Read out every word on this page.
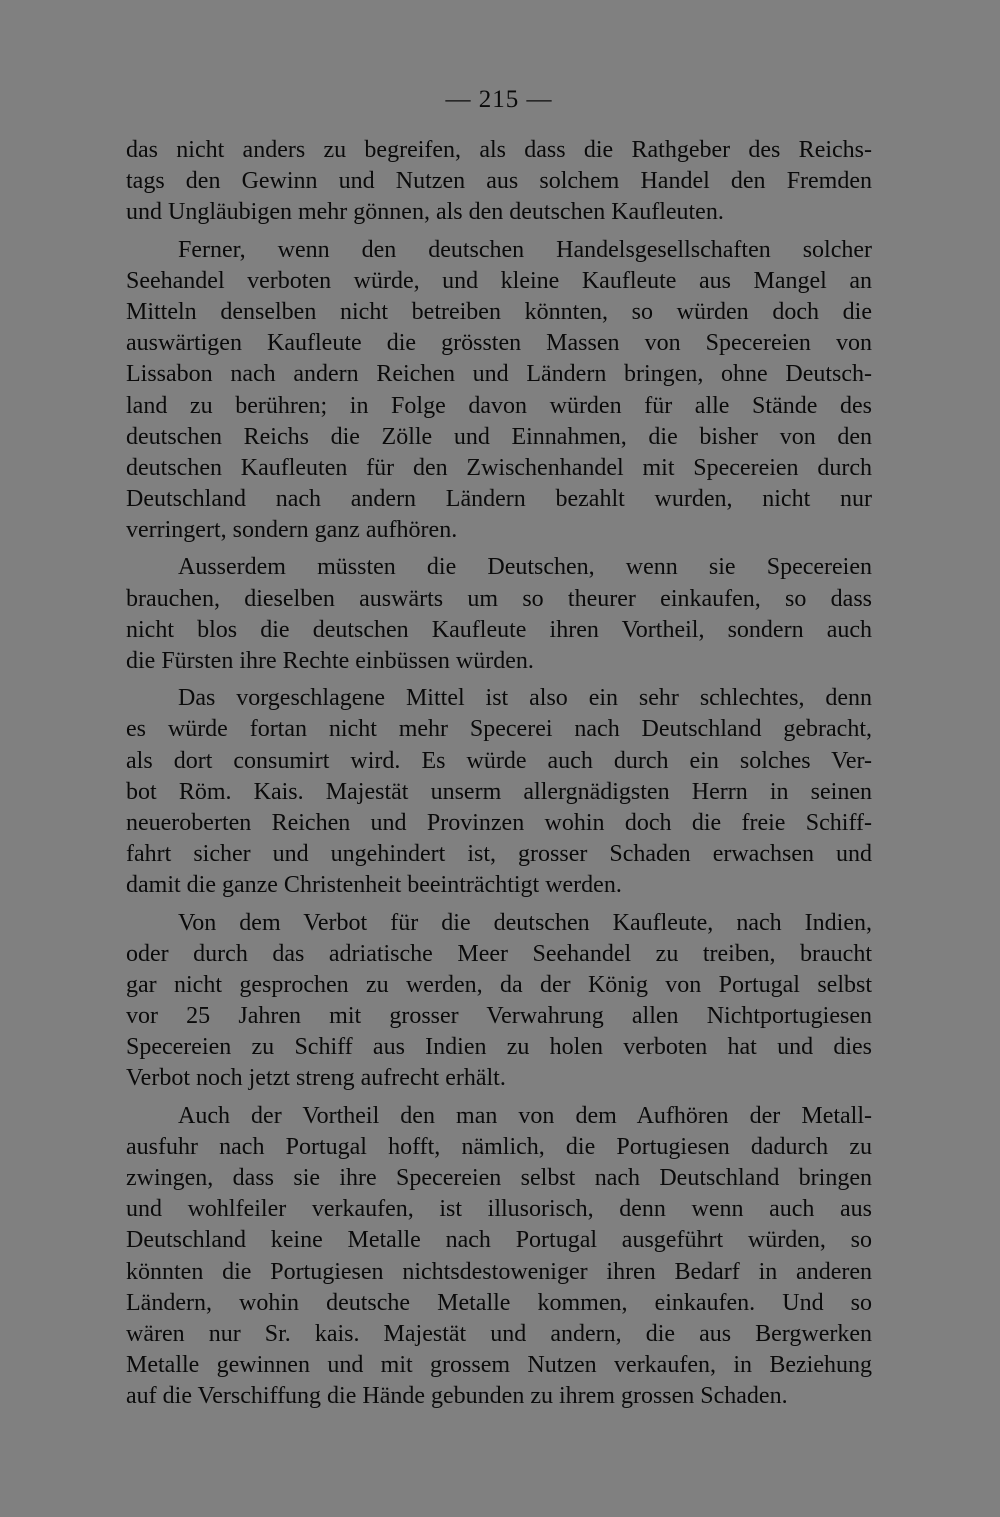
— 215 —
das nicht anders zu begreifen, als dass die Rathgeber des Reichs-
tags den Gewinn und Nutzen aus solchem Handel den Fremden
und Ungläubigen mehr gönnen, als den deutschen Kaufleuten.
Ferner, wenn den deutschen Handelsgesellschaften solcher
Seehandel verboten würde, und kleine Kaufleute aus Mangel an
Mitteln denselben nicht betreiben könnten, so würden doch die
auswärtigen Kaufleute die grössten Massen von Specereien von
Lissabon nach andern Reichen und Ländern bringen, ohne Deutsch-
land zu berühren; in Folge davon würden für alle Stände des
deutschen Reichs die Zölle und Einnahmen, die bisher von den
deutschen Kaufleuten für den Zwischenhandel mit Specereien durch
Deutschland nach andern Ländern bezahlt wurden, nicht nur
verringert, sondern ganz aufhören.
Ausserdem müssten die Deutschen, wenn sie Specereien
brauchen, dieselben auswärts um so theurer einkaufen, so dass
nicht blos die deutschen Kaufleute ihren Vortheil, sondern auch
die Fürsten ihre Rechte einbüssen würden.
Das vorgeschlagene Mittel ist also ein sehr schlechtes, denn
es würde fortan nicht mehr Specerei nach Deutschland gebracht,
als dort consumirt wird. Es würde auch durch ein solches Ver-
bot Röm. Kais. Majestät unserm allergnädigsten Herrn in seinen
neueroberten Reichen und Provinzen wohin doch die freie Schiff-
fahrt sicher und ungehindert ist, grosser Schaden erwachsen und
damit die ganze Christenheit beeinträchtigt werden.
Von dem Verbot für die deutschen Kaufleute, nach Indien,
oder durch das adriatische Meer Seehandel zu treiben, braucht
gar nicht gesprochen zu werden, da der König von Portugal selbst
vor 25 Jahren mit grosser Verwahrung allen Nichtportugiesen
Specereien zu Schiff aus Indien zu holen verboten hat und dies
Verbot noch jetzt streng aufrecht erhält.
Auch der Vortheil den man von dem Aufhören der Metall-
ausfuhr nach Portugal hofft, nämlich, die Portugiesen dadurch zu
zwingen, dass sie ihre Specereien selbst nach Deutschland bringen
und wohlfeiler verkaufen, ist illusorisch, denn wenn auch aus
Deutschland keine Metalle nach Portugal ausgeführt würden, so
könnten die Portugiesen nichtsdestoweniger ihren Bedarf in anderen
Ländern, wohin deutsche Metalle kommen, einkaufen. Und so
wären nur Sr. kais. Majestät und andern, die aus Bergwerken
Metalle gewinnen und mit grossem Nutzen verkaufen, in Beziehung
auf die Verschiffung die Hände gebunden zu ihrem grossen Schaden.
